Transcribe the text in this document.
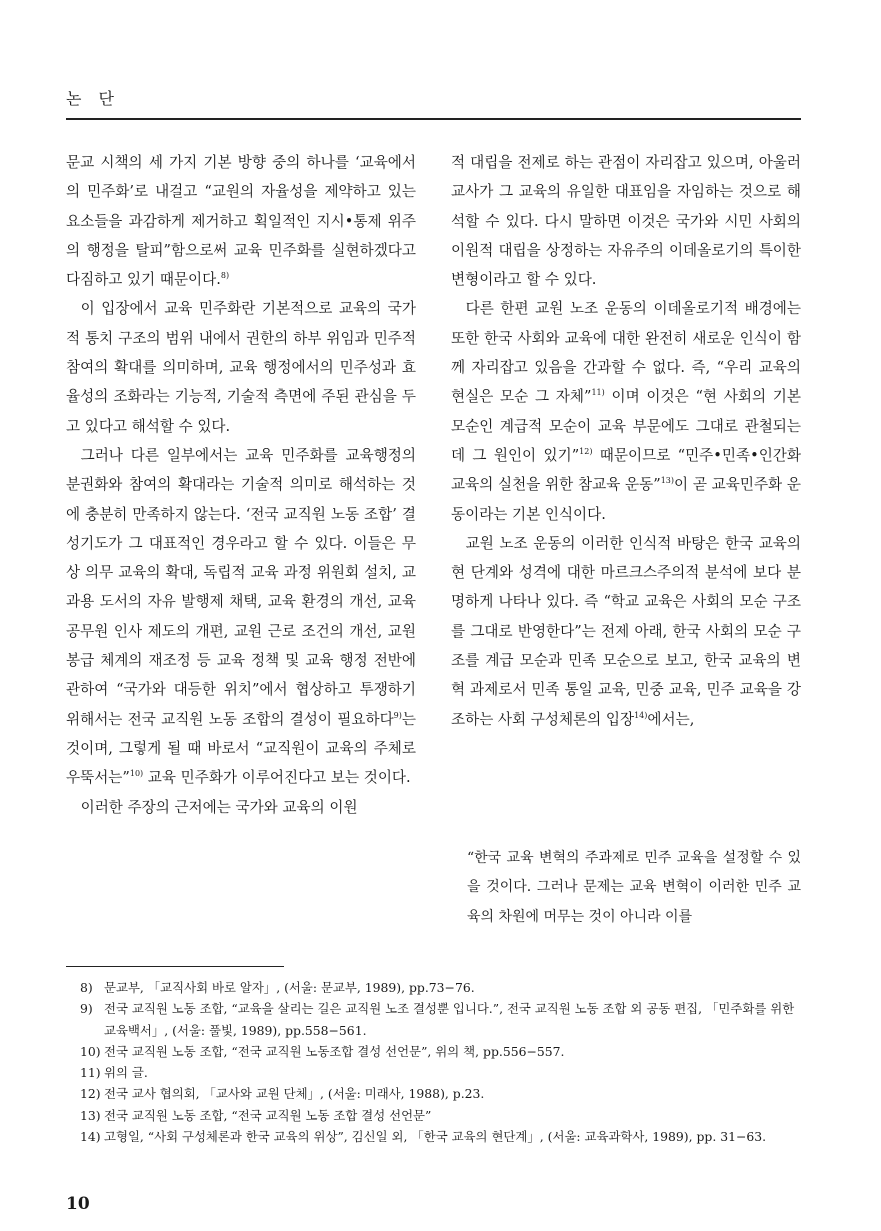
논 단

문교 시책의 세 가지 기본 방향 중의 하나를 ‘교육에서의 민주화’로 내걸고 “교원의 자율성을 제약하고 있는 요소들을 과감하게 제거하고 획일적인 지시•통제 위주의 행정을 탈피”함으로써 교육 민주화를 실현하겠다고 다짐하고 있기 때문이다.$^{8)}$

이 입장에서 교육 민주화란 기본적으로 교육의 국가적 통치 구조의 범위 내에서 권한의 하부 위임과 민주적 참여의 확대를 의미하며, 교육 행정에서의 민주성과 효율성의 조화라는 기능적, 기술적 측면에 주된 관심을 두고 있다고 해석할 수 있다.

그러나 다른 일부에서는 교육 민주화를 교육행정의 분권화와 참여의 확대라는 기술적 의미로 해석하는 것에 충분히 만족하지 않는다. ‘전국 교직원 노동 조합’ 결성기도가 그 대표적인 경우라고 할 수 있다. 이들은 무상 의무 교육의 확대, 독립적 교육 과정 위원회 설치, 교과용 도서의 자유 발행제 채택, 교육 환경의 개선, 교육공무원 인사 제도의 개편, 교원 근로 조건의 개선, 교원 봉급 체계의 재조정 등 교육 정책 및 교육 행정 전반에 관하여 “국가와 대등한 위치”에서 협상하고 투쟁하기 위해서는 전국 교직원 노동 조합의 결성이 필요하다$^{9)}$는 것이며, 그렇게 될 때 바로서 “교직원이 교육의 주체로 우뚝서는”$^{10)}$ 교육 민주화가 이루어진다고 보는 것이다.

이러한 주장의 근저에는 국가와 교육의 이원

적 대립을 전제로 하는 관점이 자리잡고 있으며, 아울러 교사가 그 교육의 유일한 대표임을 자임하는 것으로 해석할 수 있다. 다시 말하면 이것은 국가와 시민 사회의 이원적 대립을 상정하는 자유주의 이데올로기의 특이한 변형이라고 할 수 있다.

다른 한편 교원 노조 운동의 이데올로기적 배경에는 또한 한국 사회와 교육에 대한 완전히 새로운 인식이 함께 자리잡고 있음을 간과할 수 없다. 즉, “우리 교육의 현실은 모순 그 자체”$^{11)}$ 이며 이것은 “현 사회의 기본 모순인 계급적 모순이 교육 부문에도 그대로 관철되는 데 그 원인이 있기”$^{12)}$ 때문이므로 “민주•민족•인간화 교육의 실천을 위한 참교육 운동”$^{13)}$이 곧 교육민주화 운동이라는 기본 인식이다.

교원 노조 운동의 이러한 인식적 바탕은 한국 교육의 현 단계와 성격에 대한 마르크스주의적 분석에 보다 분명하게 나타나 있다. 즉 “학교 교육은 사회의 모순 구조를 그대로 반영한다”는 전제 아래, 한국 사회의 모순 구조를 계급 모순과 민족 모순으로 보고, 한국 교육의 변혁 과제로서 민족 통일 교육, 민중 교육, 민주 교육을 강조하는 사회 구성체론의 입장$^{14)}$에서는,

“한국 교육 변혁의 주과제로 민주 교육을 설정할 수 있을 것이다. 그러나 문제는 교육 변혁이 이러한 민주 교육의 차원에 머무는 것이 아니라 이를
8) 문교부, 「교직사회 바로 알자」, (서울: 문교부, 1989), pp.73−76.
9) 전국 교직원 노동 조합, “교육을 살리는 길은 교직원 노조 결성뿐 입니다.”, 전국 교직원 노동 조합 외 공동 편집, 「민주화를 위한 교육백서」, (서울: 풀빛, 1989), pp.558−561.
10) 전국 교직원 노동 조합, “전국 교직원 노동조합 결성 선언문”, 위의 책, pp.556−557.
11) 위의 글.
12) 전국 교사 협의회, 「교사와 교원 단체」, (서울: 미래사, 1988), p.23.
13) 전국 교직원 노동 조합, “전국 교직원 노동 조합 결성 선언문”
14) 고형일, “사회 구성체론과 한국 교육의 위상”, 김신일 외, 「한국 교육의 현단계」, (서울: 교육과학사, 1989), pp. 31−63.
10
